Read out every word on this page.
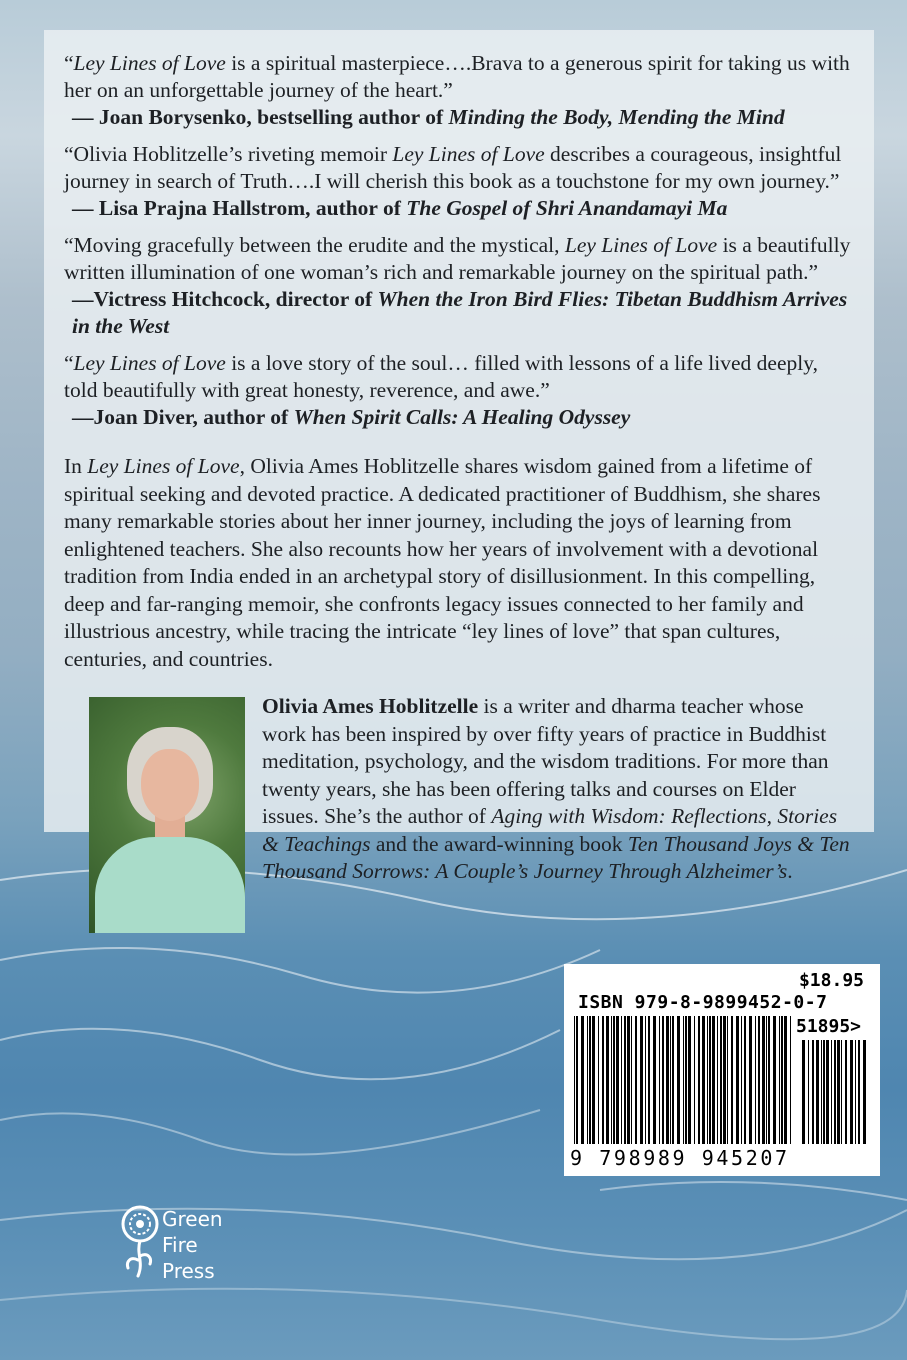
“Ley Lines of Love is a spiritual masterpiece….Brava to a generous spirit for taking us with her on an unforgettable journey of the heart.”
— Joan Borysenko, bestselling author of Minding the Body, Mending the Mind

“Olivia Hoblitzelle’s riveting memoir Ley Lines of Love describes a courageous, insightful journey in search of Truth….I will cherish this book as a touchstone for my own journey.”
— Lisa Prajna Hallstrom, author of The Gospel of Shri Anandamayi Ma

“Moving gracefully between the erudite and the mystical, Ley Lines of Love is a beautifully written illumination of one woman’s rich and remarkable journey on the spiritual path.”
—Victress Hitchcock, director of When the Iron Bird Flies: Tibetan Buddhism Arrives in the West

“Ley Lines of Love is a love story of the soul… filled with lessons of a life lived deeply, told beautifully with great honesty, reverence, and awe.”
—Joan Diver, author of When Spirit Calls: A Healing Odyssey

In Ley Lines of Love, Olivia Ames Hoblitzelle shares wisdom gained from a lifetime of spiritual seeking and devoted practice. A dedicated practitioner of Buddhism, she shares many remarkable stories about her inner journey, including the joys of learning from enlightened teachers. She also recounts how her years of involvement with a devotional tradition from India ended in an archetypal story of disillusionment. In this compelling, deep and far-ranging memoir, she confronts legacy issues connected to her family and illustrious ancestry, while tracing the intricate “ley lines of love” that span cultures, centuries, and countries.
Olivia Ames Hoblitzelle is a writer and dharma teacher whose work has been inspired by over fifty years of practice in Buddhist meditation, psychology, and the wisdom traditions. For more than twenty years, she has been offering talks and courses on Elder issues. She’s the author of Aging with Wisdom: Reflections, Stories & Teachings and the award-winning book Ten Thousand Joys & Ten Thousand Sorrows: A Couple’s Journey Through Alzheimer’s.
$18.95
ISBN 979-8-9899452-0-7
51895>
9 798989 945207
Green
Fire
Press
